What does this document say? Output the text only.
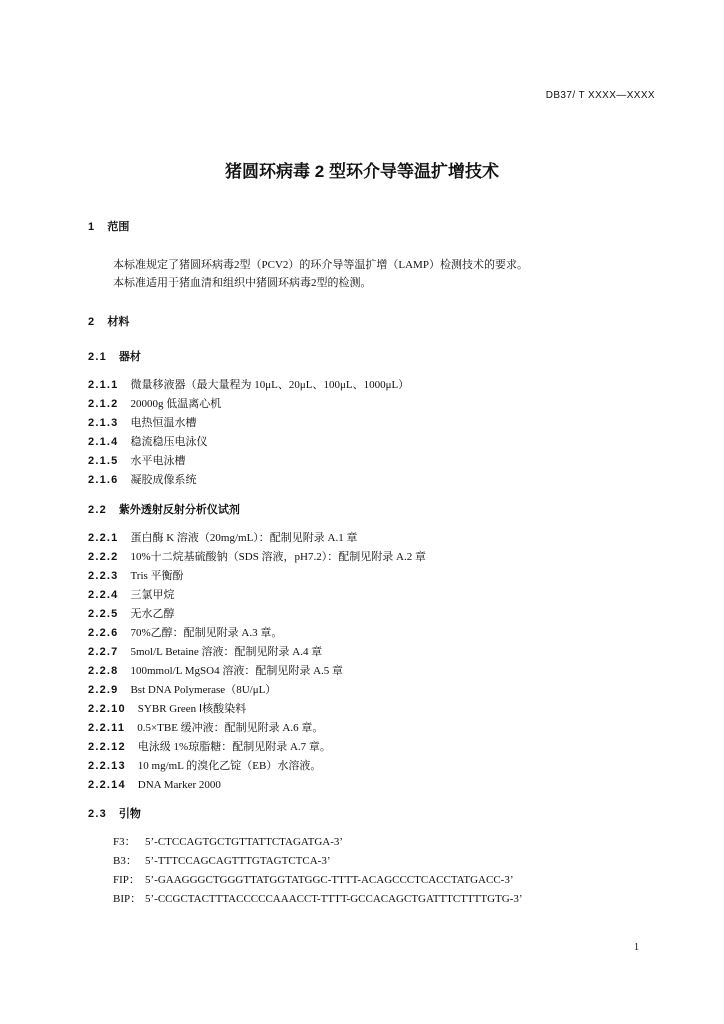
DB37/ T XXXX—XXXX
猪圆环病毒 2 型环介导等温扩增技术
1 范围
本标准规定了猪圆环病毒2型（PCV2）的环介导等温扩增（LAMP）检测技术的要求。
本标准适用于猪血清和组织中猪圆环病毒2型的检测。
2 材料
2.1 器材
2.1.1 微量移液器（最大量程为 10μL、20μL、100μL、1000μL）
2.1.2 20000g 低温离心机
2.1.3 电热恒温水槽
2.1.4 稳流稳压电泳仪
2.1.5 水平电泳槽
2.1.6 凝胶成像系统
2.2 紫外透射反射分析仪试剂
2.2.1 蛋白酶 K 溶液（20mg/mL）：配制见附录 A.1 章
2.2.2 10%十二烷基硫酸钠（SDS 溶液，pH7.2）：配制见附录 A.2 章
2.2.3 Tris 平衡酚
2.2.4 三氯甲烷
2.2.5 无水乙醇
2.2.6 70%乙醇：配制见附录 A.3 章。
2.2.7 5mol/L Betaine 溶液：配制见附录 A.4 章
2.2.8 100mmol/L MgSO4 溶液：配制见附录 A.5 章
2.2.9 Bst DNA Polymerase（8U/μL）
2.2.10 SYBR Green Ⅰ核酸染料
2.2.11 0.5×TBE 缓冲液：配制见附录 A.6 章。
2.2.12 电泳级 1%琼脂糖：配制见附录 A.7 章。
2.2.13 10 mg/mL 的溴化乙锭（EB）水溶液。
2.2.14 DNA Marker 2000
2.3 引物
F3： 5’-CTCCAGTGCTGTTATTCTAGATGA-3’
B3： 5’-TTTCCAGCAGTTTGTAGTCTCA-3’
FIP： 5’-GAAGGGCTGGGTTATGGTATGGC-TTTT-ACAGCCCTCACCTATGACC-3’
BIP： 5’-CCGCTACTTTACCCCCAAACCT-TTTT-GCCACAGCTGATTTCTTTTGTG-3’
1
